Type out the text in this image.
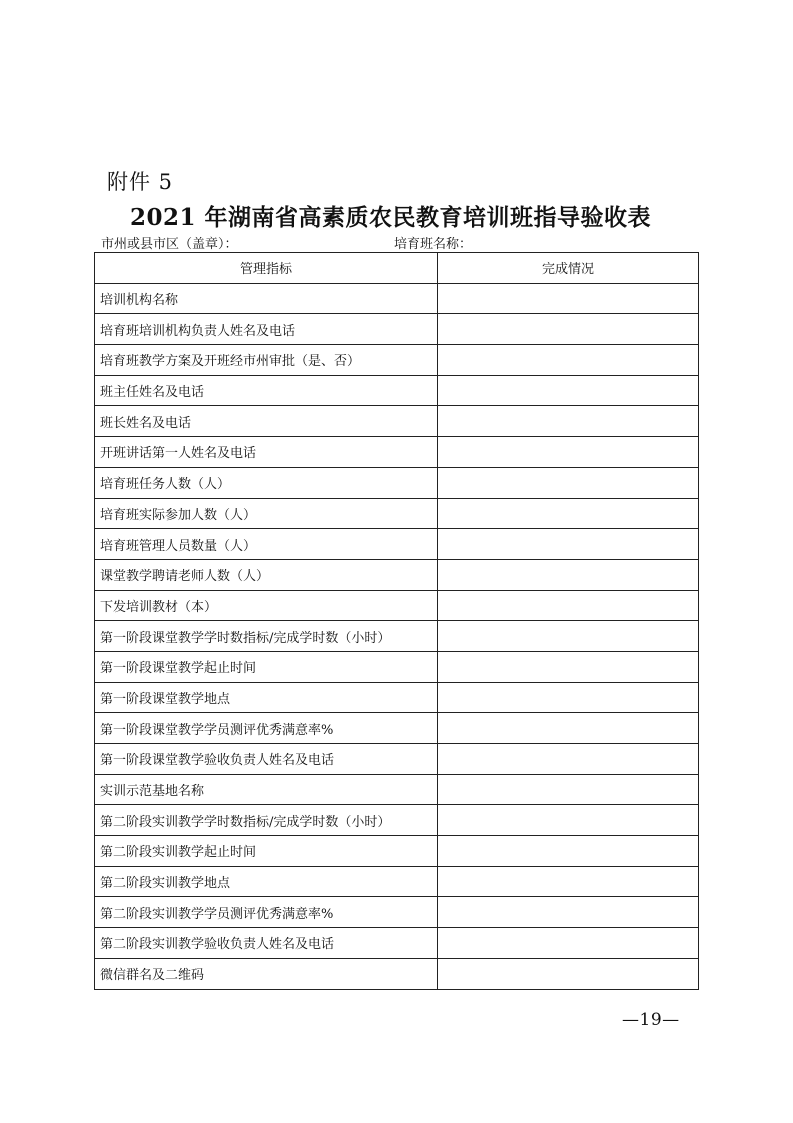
附件 5
2021 年湖南省高素质农民教育培训班指导验收表
市州或县市区（盖章）：	培育班名称：
管理指标	完成情况
培训机构名称	
培育班培训机构负责人姓名及电话	
培育班教学方案及开班经市州审批（是、否）	
班主任姓名及电话	
班长姓名及电话	
开班讲话第一人姓名及电话	
培育班任务人数（人）	
培育班实际参加人数（人）	
培育班管理人员数量（人）	
课堂教学聘请老师人数（人）	
下发培训教材（本）	
第一阶段课堂教学学时数指标/完成学时数（小时）	
第一阶段课堂教学起止时间	
第一阶段课堂教学地点	
第一阶段课堂教学学员测评优秀满意率%	
第一阶段课堂教学验收负责人姓名及电话	
实训示范基地名称	
第二阶段实训教学学时数指标/完成学时数（小时）	
第二阶段实训教学起止时间	
第二阶段实训教学地点	
第二阶段实训教学学员测评优秀满意率%	
第二阶段实训教学验收负责人姓名及电话	
微信群名及二维码	
—19—
